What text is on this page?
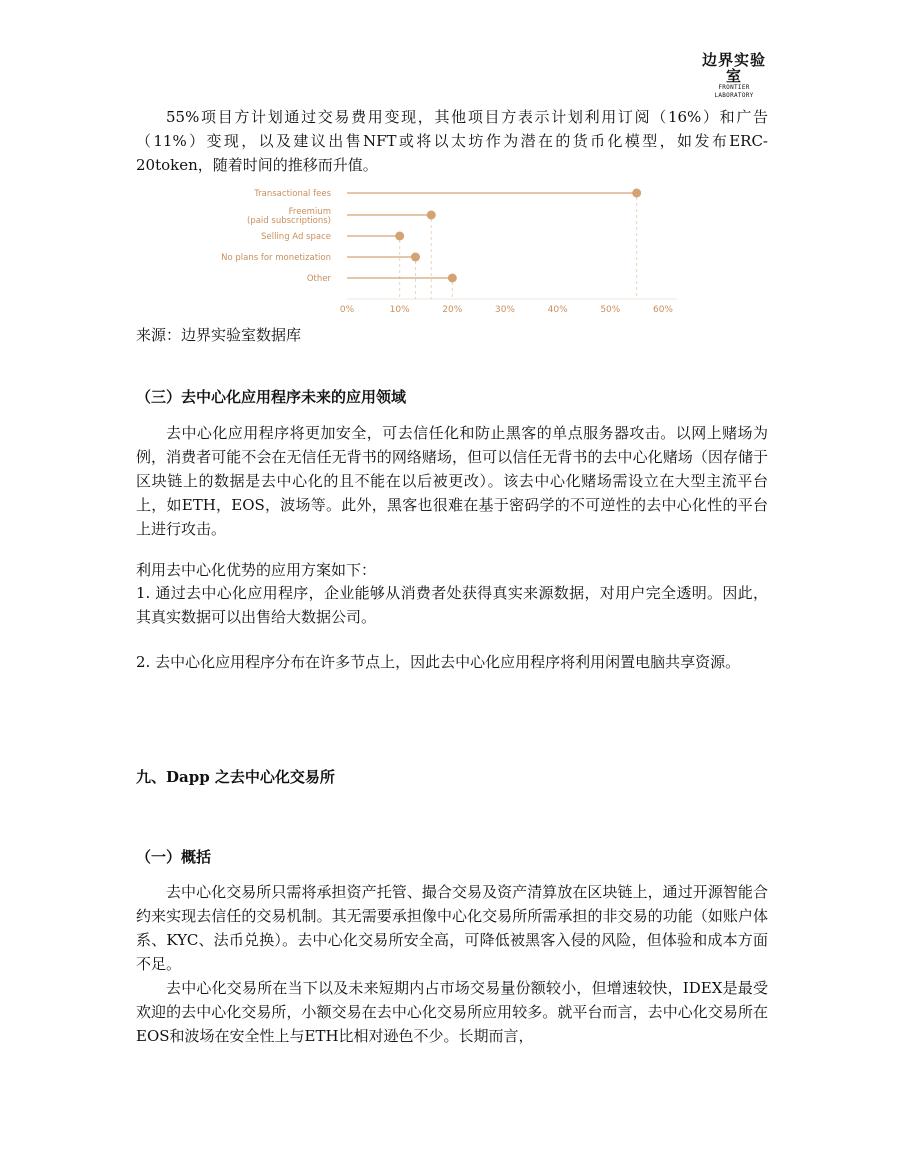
边界实验室
FRONTIER LABORATORY

55%项目方计划通过交易费用变现，其他项目方表示计划利用订阅（16%）和广告（11%）变现，以及建议出售NFT或将以太坊作为潜在的货币化模型，如发布ERC-20token，随着时间的推移而升值。

0%	10%	20%	30%	40%	50%	60%
Transactional fees
Freemium (paid subscriptions)
Selling Ad space
No plans for monetization
Other
来源：边界实验室数据库
（三）去中心化应用程序未来的应用领域

去中心化应用程序将更加安全，可去信任化和防止黑客的单点服务器攻击。以网上赌场为例，消费者可能不会在无信任无背书的网络赌场，但可以信任无背书的去中心化赌场（因存储于区块链上的数据是去中心化的且不能在以后被更改）。该去中心化赌场需设立在大型主流平台上，如ETH，EOS，波场等。此外，黑客也很难在基于密码学的不可逆性的去中心化性的平台上进行攻击。

利用去中心化优势的应用方案如下：

1. 通过去中心化应用程序，企业能够从消费者处获得真实来源数据，对用户完全透明。因此，其真实数据可以出售给大数据公司。

2. 去中心化应用程序分布在许多节点上，因此去中心化应用程序将利用闲置电脑共享资源。

九、Dapp 之去中心化交易所
（一）概括

去中心化交易所只需将承担资产托管、撮合交易及资产清算放在区块链上，通过开源智能合约来实现去信任的交易机制。其无需要承担像中心化交易所所需承担的非交易的功能（如账户体系、KYC、法币兑换）。去中心化交易所安全高，可降低被黑客入侵的风险，但体验和成本方面不足。

去中心化交易所在当下以及未来短期内占市场交易量份额较小，但增速较快，IDEX是最受欢迎的去中心化交易所，小额交易在去中心化交易所应用较多。就平台而言，去中心化交易所在EOS和波场在安全性上与ETH比相对逊色不少。长期而言，
